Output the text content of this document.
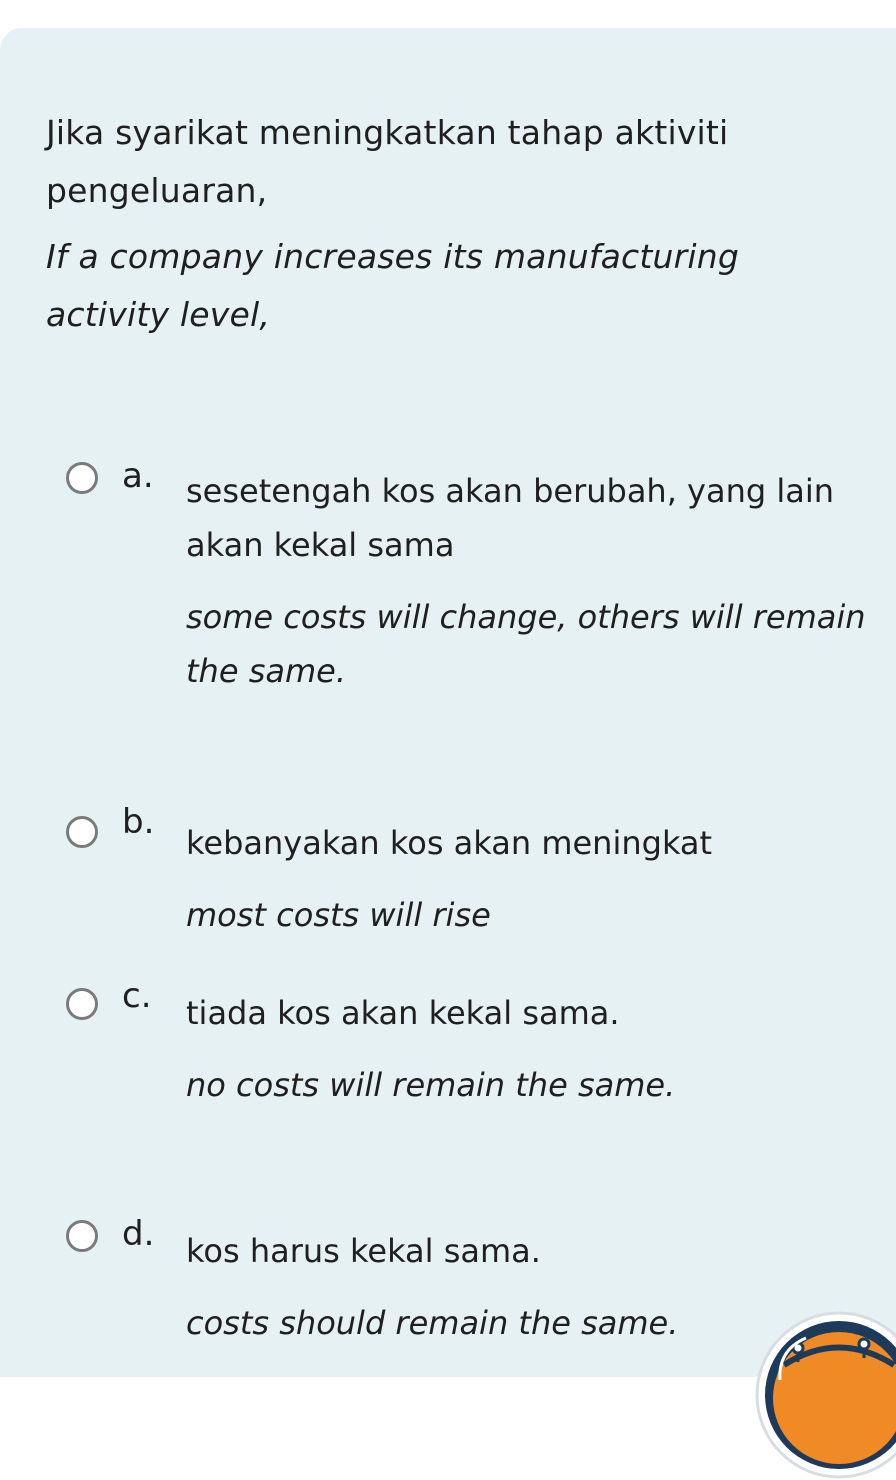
Jika syarikat meningkatkan tahap aktiviti pengeluaran,

If a company increases its manufacturing activity level,

a. sesetengah kos akan berubah, yang lain akan kekal sama

some costs will change, others will remain the same.

b.

kebanyakan kos akan meningkat

most costs will rise

c. tiada kos akan kekal sama.

no costs will remain the same.

d. kos harus kekal sama.

costs should remain the same.
